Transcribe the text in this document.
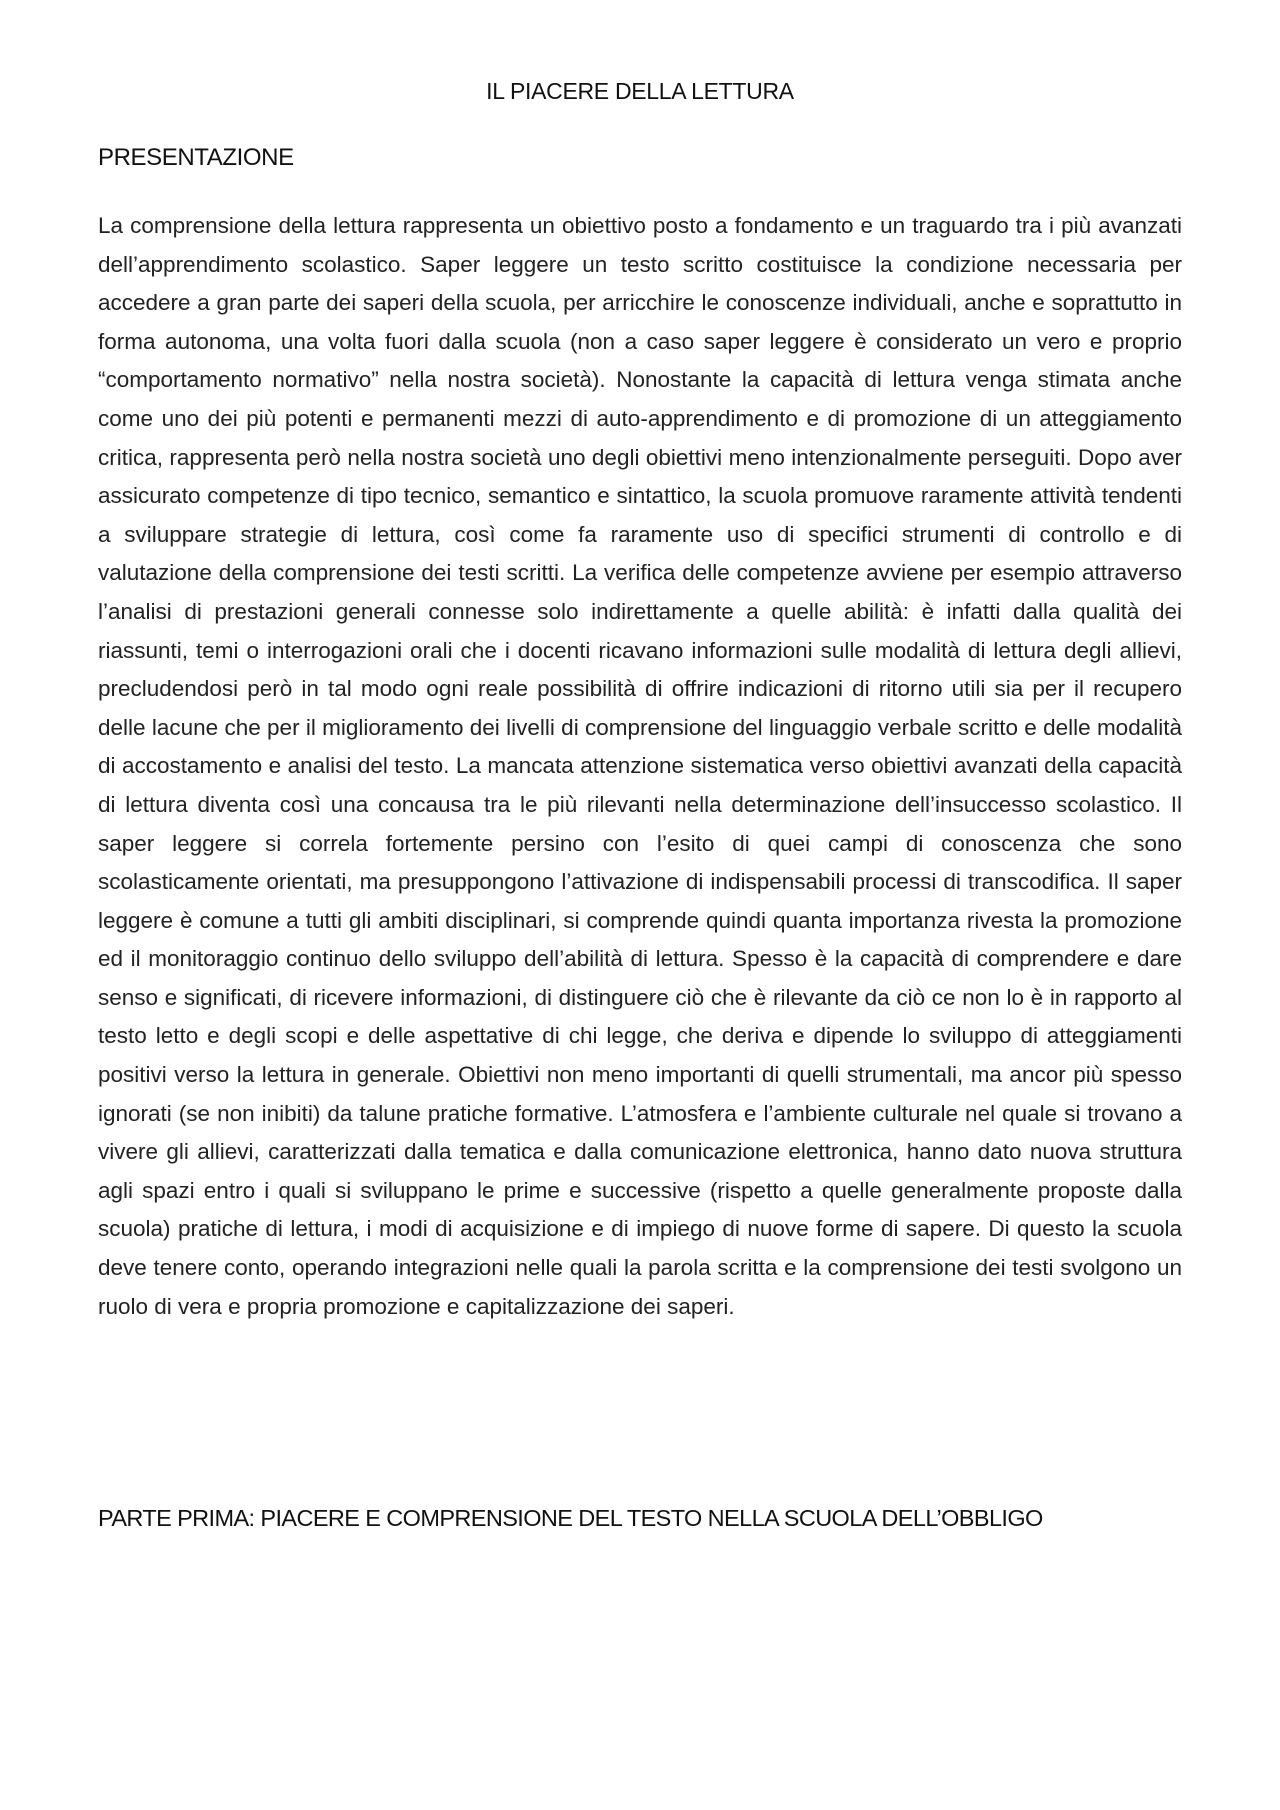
IL PIACERE DELLA LETTURA
PRESENTAZIONE

La comprensione della lettura rappresenta un obiettivo posto a fondamento e un traguardo tra i più avanzati dell’apprendimento scolastico. Saper leggere un testo scritto costituisce la condizione necessaria per accedere a gran parte dei saperi della scuola, per arricchire le conoscenze individuali, anche e soprattutto in forma autonoma, una volta fuori dalla scuola (non a caso saper leggere è considerato un vero e proprio “comportamento normativo” nella nostra società). Nonostante la capacità di lettura venga stimata anche come uno dei più potenti e permanenti mezzi di auto-apprendimento e di promozione di un atteggiamento critica, rappresenta però nella nostra società uno degli obiettivi meno intenzionalmente perseguiti. Dopo aver assicurato competenze di tipo tecnico, semantico e sintattico, la scuola promuove raramente attività tendenti a sviluppare strategie di lettura, così come fa raramente uso di specifici strumenti di controllo e di valutazione della comprensione dei testi scritti. La verifica delle competenze avviene per esempio attraverso l’analisi di prestazioni generali connesse solo indirettamente a quelle abilità: è infatti dalla qualità dei riassunti, temi o interrogazioni orali che i docenti ricavano informazioni sulle modalità di lettura degli allievi, precludendosi però in tal modo ogni reale possibilità di offrire indicazioni di ritorno utili sia per il recupero delle lacune che per il miglioramento dei livelli di comprensione del linguaggio verbale scritto e delle modalità di accostamento e analisi del testo. La mancata attenzione sistematica verso obiettivi avanzati della capacità di lettura diventa così una concausa tra le più rilevanti nella determinazione dell’insuccesso scolastico. Il saper leggere si correla fortemente persino con l’esito di quei campi di conoscenza che sono scolasticamente orientati, ma presuppongono l’attivazione di indispensabili processi di transcodifica. Il saper leggere è comune a tutti gli ambiti disciplinari, si comprende quindi quanta importanza rivesta la promozione ed il monitoraggio continuo dello sviluppo dell’abilità di lettura. Spesso è la capacità di comprendere e dare senso e significati, di ricevere informazioni, di distinguere ciò che è rilevante da ciò ce non lo è in rapporto al testo letto e degli scopi e delle aspettative di chi legge, che deriva e dipende lo sviluppo di atteggiamenti positivi verso la lettura in generale. Obiettivi non meno importanti di quelli strumentali, ma ancor più spesso ignorati (se non inibiti) da talune pratiche formative. L’atmosfera e l’ambiente culturale nel quale si trovano a vivere gli allievi, caratterizzati dalla tematica e dalla comunicazione elettronica, hanno dato nuova struttura agli spazi entro i quali si sviluppano le prime e successive (rispetto a quelle generalmente proposte dalla scuola) pratiche di lettura, i modi di acquisizione e di impiego di nuove forme di sapere. Di questo la scuola deve tenere conto, operando integrazioni nelle quali la parola scritta e la comprensione dei testi svolgono un ruolo di vera e propria promozione e capitalizzazione dei saperi.

PARTE PRIMA: PIACERE E COMPRENSIONE DEL TESTO NELLA SCUOLA DELL’OBBLIGO
